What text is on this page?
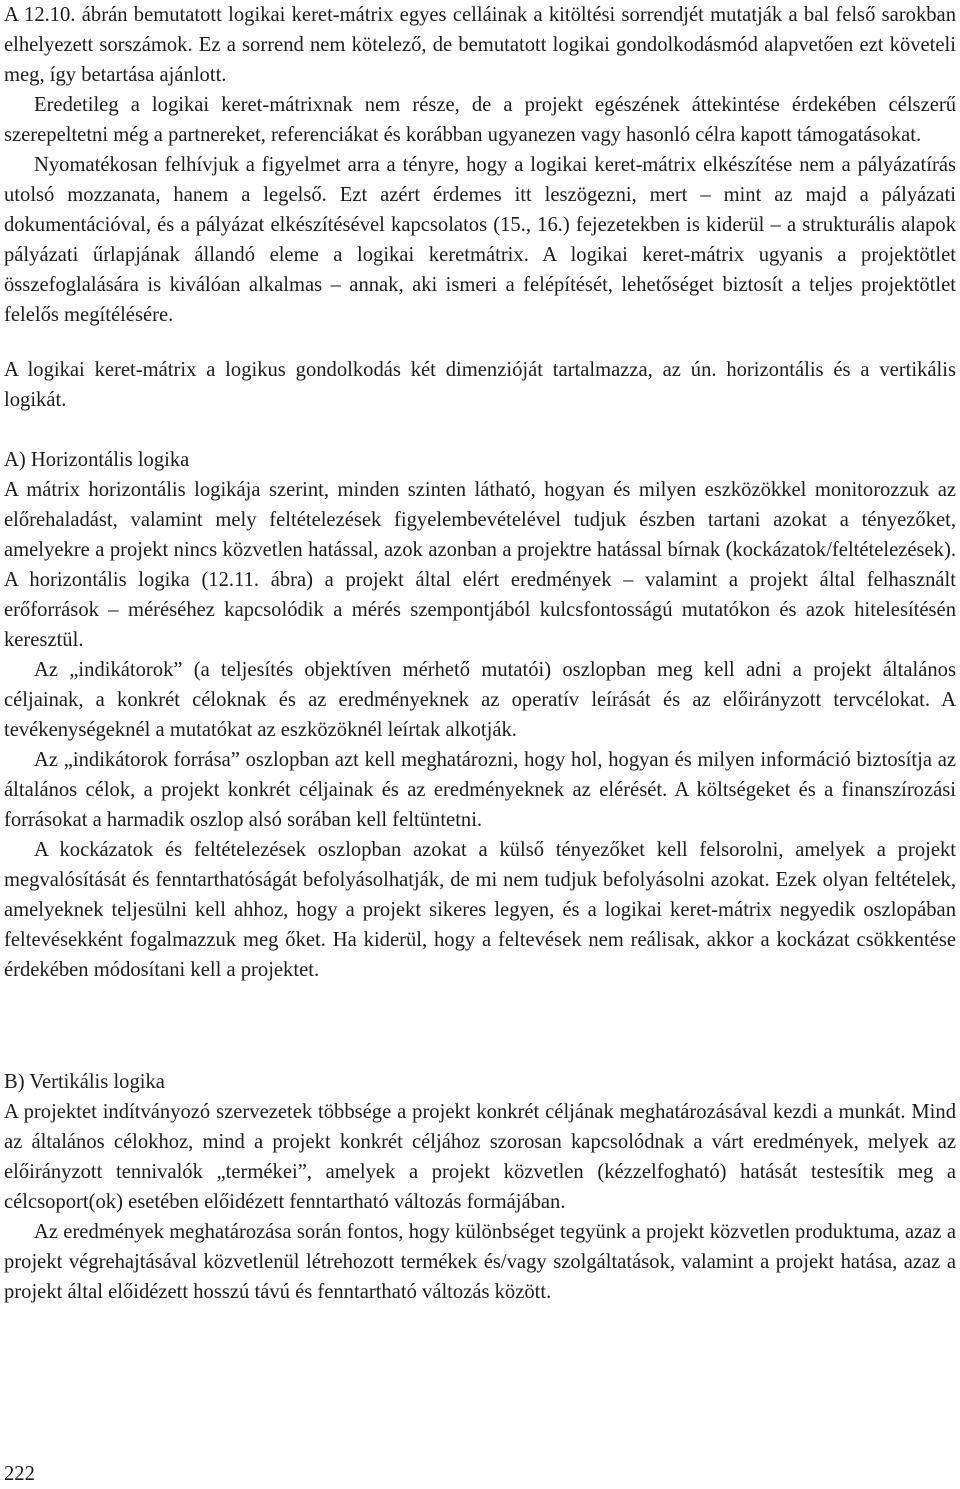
A 12.10. ábrán bemutatott logikai keret-mátrix egyes celláinak a kitöltési sorrendjét mutatják a bal felső sarokban elhelyezett sorszámok. Ez a sorrend nem kötelező, de bemutatott logikai gondolkodásmód alapvetően ezt követeli meg, így betartása ajánlott.

Eredetileg a logikai keret-mátrixnak nem része, de a projekt egészének áttekintése érdekében célszerű szerepeltetni még a partnereket, referenciákat és korábban ugyanezen vagy hasonló célra kapott támogatásokat.

Nyomatékosan felhívjuk a figyelmet arra a tényre, hogy a logikai keret-mátrix elkészítése nem a pályázatírás utolsó mozzanata, hanem a legelső. Ezt azért érdemes itt leszögezni, mert – mint az majd a pályázati dokumentációval, és a pályázat elkészítésével kapcsolatos (15., 16.) fejezetekben is kiderül – a strukturális alapok pályázati űrlapjának állandó eleme a logikai keretmátrix. A logikai keret-mátrix ugyanis a projektötlet összefoglalására is kiválóan alkalmas – annak, aki ismeri a felépítését, lehetőséget biztosít a teljes projektötlet felelős megítélésére.

A logikai keret-mátrix a logikus gondolkodás két dimenzióját tartalmazza, az ún. horizontális és a vertikális logikát.

A) Horizontális logika

A mátrix horizontális logikája szerint, minden szinten látható, hogyan és milyen eszközökkel monitorozzuk az előrehaladást, valamint mely feltételezések figyelembevételével tudjuk észben tartani azokat a tényezőket, amelyekre a projekt nincs közvetlen hatással, azok azonban a projektre hatással bírnak (kockázatok/feltételezések). A horizontális logika (12.11. ábra) a projekt által elért eredmények – valamint a projekt által felhasznált erőforrások – méréséhez kapcsolódik a mérés szempontjából kulcsfontosságú mutatókon és azok hitelesítésén keresztül.

Az „indikátorok” (a teljesítés objektíven mérhető mutatói) oszlopban meg kell adni a projekt általános céljainak, a konkrét céloknak és az eredményeknek az operatív leírását és az előirányzott tervcélokat. A tevékenységeknél a mutatókat az eszközöknél leírtak alkotják.

Az „indikátorok forrása” oszlopban azt kell meghatározni, hogy hol, hogyan és milyen információ biztosítja az általános célok, a projekt konkrét céljainak és az eredményeknek az elérését. A költségeket és a finanszírozási forrásokat a harmadik oszlop alsó sorában kell feltüntetni.

A kockázatok és feltételezések oszlopban azokat a külső tényezőket kell felsorolni, amelyek a projekt megvalósítását és fenntarthatóságát befolyásolhatják, de mi nem tudjuk befolyásolni azokat. Ezek olyan feltételek, amelyeknek teljesülni kell ahhoz, hogy a projekt sikeres legyen, és a logikai keret-mátrix negyedik oszlopában feltevésekként fogalmazzuk meg őket. Ha kiderül, hogy a feltevések nem reálisak, akkor a kockázat csökkentése érdekében módosítani kell a projektet.

B) Vertikális logika

A projektet indítványozó szervezetek többsége a projekt konkrét céljának meghatározásával kezdi a munkát. Mind az általános célokhoz, mind a projekt konkrét céljához szorosan kapcsolódnak a várt eredmények, melyek az előirányzott tennivalók „termékei”, amelyek a projekt közvetlen (kézzelfogható) hatását testesítik meg a célcsoport(ok) esetében előidézett fenntartható változás formájában.

Az eredmények meghatározása során fontos, hogy különbséget tegyünk a projekt közvetlen produktuma, azaz a projekt végrehajtásával közvetlenül létrehozott termékek és/vagy szolgáltatások, valamint a projekt hatása, azaz a projekt által előidézett hosszú távú és fenntartható változás között.

222
